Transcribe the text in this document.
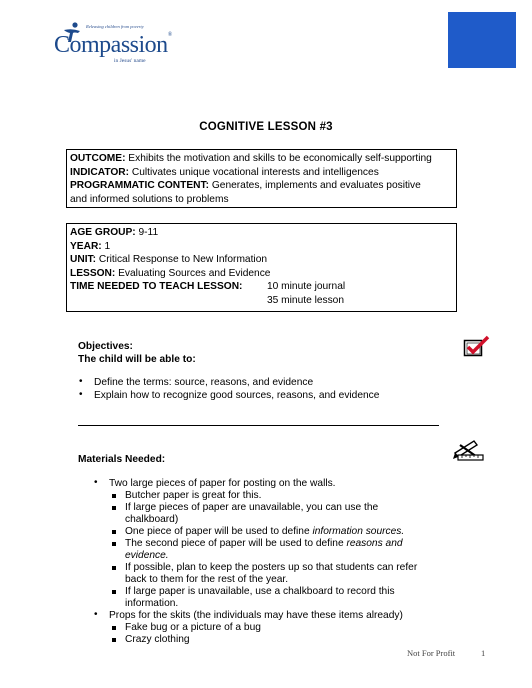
Releasing children from poverty
Compassion®
in Jesus' name
COGNITIVE LESSON #3
OUTCOME: Exhibits the motivation and skills to be economically self-supporting
INDICATOR: Cultivates unique vocational interests and intelligences
PROGRAMMATIC CONTENT: Generates, implements and evaluates positive
and informed solutions to problems
AGE GROUP: 9-11
YEAR: 1
UNIT: Critical Response to New Information
LESSON: Evaluating Sources and Evidence
TIME NEEDED TO TEACH LESSON: 10 minute journal
35 minute lesson
Objectives:
The child will be able to:
• Define the terms: source, reasons, and evidence
• Explain how to recognize good sources, reasons, and evidence
Materials Needed:
• Two large pieces of paper for posting on the walls.
Butcher paper is great for this.
If large pieces of paper are unavailable, you can use the
chalkboard)
One piece of paper will be used to define information sources.
The second piece of paper will be used to define reasons and
evidence.
If possible, plan to keep the posters up so that students can refer
back to them for the rest of the year.
If large paper is unavailable, use a chalkboard to record this
information.
• Props for the skits (the individuals may have these items already)
Fake bug or a picture of a bug
Crazy clothing
Not For Profit	1
